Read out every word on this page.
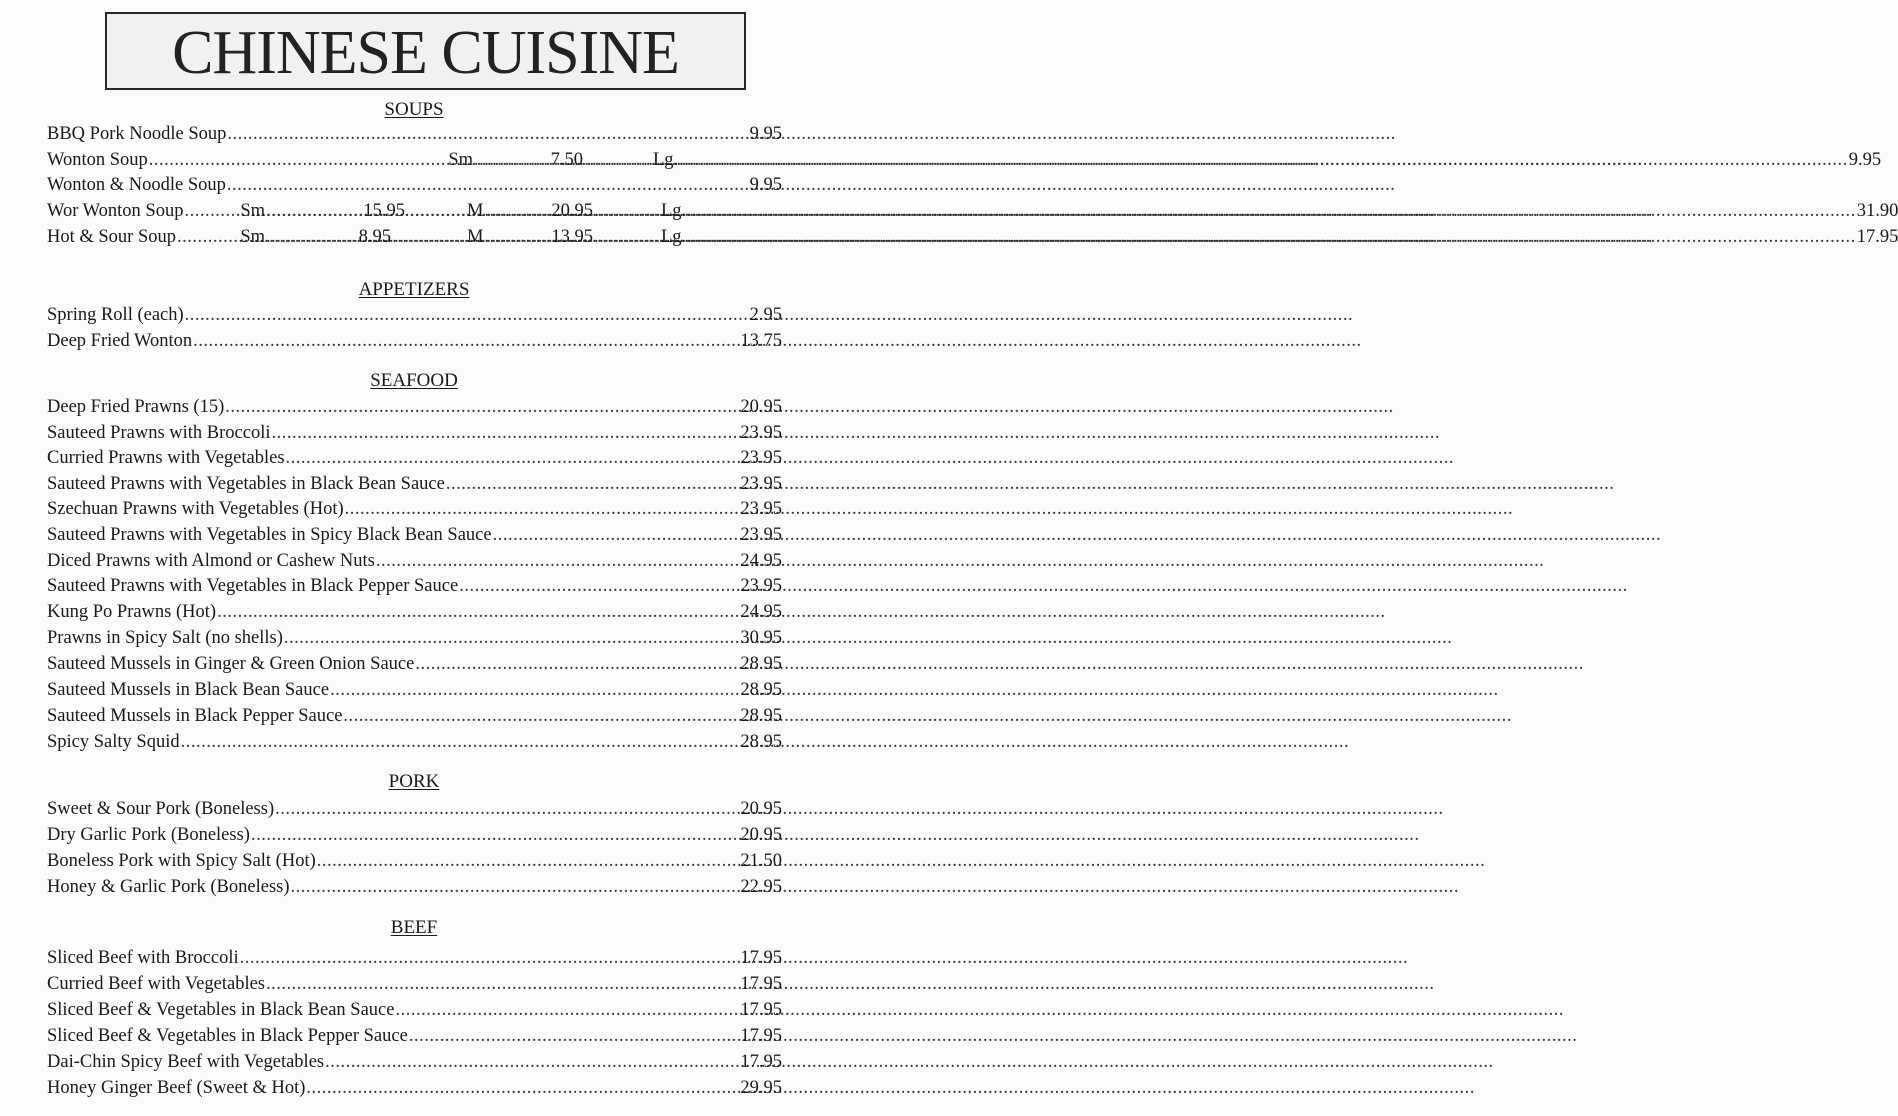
CHINESE CUISINE
SOUPS
BBQ Pork Noodle Soup .....	9.95
Wonton Soup .....	Sm .....	7.50	Lg. .....	9.95
Wonton & Noodle Soup .....	9.95
Wor Wonton Soup .....	Sm .....	15.95	M .....	20.95	Lg. .....	31.90
Hot & Sour Soup .....	Sm .....	8.95	M .....	13.95	Lg. .....	17.95
APPETIZERS
Spring Roll (each) .....	2.95
Deep Fried Wonton .....	13.75
SEAFOOD
Deep Fried Prawns (15) .....	20.95
Sauteed Prawns with Broccoli .....	23.95
Curried Prawns with Vegetables .....	23.95
Sauteed Prawns with Vegetables in Black Bean Sauce .....	23.95
Szechuan Prawns with Vegetables (Hot) .....	23.95
Sauteed Prawns with Vegetables in Spicy Black Bean Sauce .....	23.95
Diced Prawns with Almond or Cashew Nuts .....	24.95
Sauteed Prawns with Vegetables in Black Pepper Sauce .....	23.95
Kung Po Prawns (Hot) .....	24.95
Prawns in Spicy Salt (no shells) .....	30.95
Sauteed Mussels in Ginger & Green Onion Sauce .....	28.95
Sauteed Mussels in Black Bean Sauce .....	28.95
Sauteed Mussels in Black Pepper Sauce .....	28.95
Spicy Salty Squid .....	28.95
PORK
Sweet & Sour Pork (Boneless) .....	20.95
Dry Garlic Pork (Boneless) .....	20.95
Boneless Pork with Spicy Salt (Hot) .....	21.50
Honey & Garlic Pork (Boneless) .....	22.95
BEEF
Sliced Beef with Broccoli .....	17.95
Curried Beef with Vegetables .....	17.95
Sliced Beef & Vegetables in Black Bean Sauce .....	17.95
Sliced Beef & Vegetables in Black Pepper Sauce .....	17.95
Dai-Chin Spicy Beef with Vegetables .....	17.95
Honey Ginger Beef (Sweet & Hot) .....	29.95
